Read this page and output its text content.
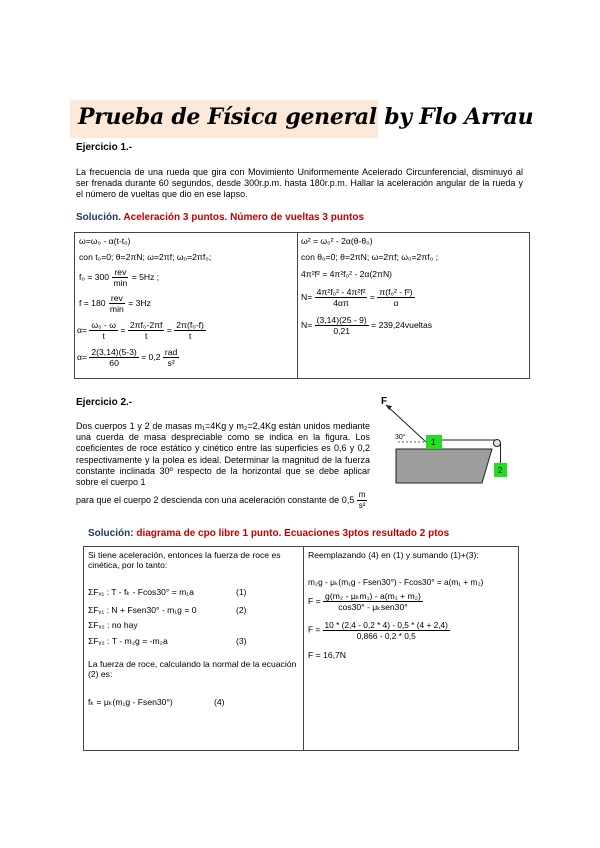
Prueba de Física general by Flo Arrau
Ejercicio 1.-
La frecuencia de una rueda que gira con Movimiento Uniformemente Acelerado Circunferencial, disminuyó al ser frenada durante 60 segundos, desde 300r.p.m. hasta 180r.p.m. Hallar la aceleración angular de la rueda y el número de vueltas que dio en ese lapso.
Solución. Aceleración 3 puntos. Número de vueltas 3 puntos
ω=ω₀ - α(t-t₀)
con t₀=0; θ=2πN; ω=2πf; ω₀=2πf₀;
$f_0 = 300 \frac{\text{rev}}{\min} = 5Hz$ ;
$f = 180 \frac{\text{rev}}{\min} = 3Hz$
$\alpha= \frac{\text{ω₀ - ω}}{t} = \frac{\text{2πf₀-2πf}}{t} = \frac{\text{2π(f₀-f)}}{t}$
$\alpha= \frac{2(3,14)(5-3)}{60} = 0,2 \frac{\text{rad}}{\text{s²}}$
ω² = ω₀² - 2α(θ-θ₀)
con θ₀=0; θ=2πN; ω=2πf; ω₀=2πf₀ ;
4π²f² = 4π²f₀² - 2α(2πN)
$N= \frac{\text{4π²f₀² - 4π²f²}}{4\alpha\pi} = \frac{\text{π(f₀² - f²)}}{\alpha}$
$N= \frac{(3,14)(25 - 9)}{0,21}$ = 239,24vueltas
Ejercicio 2.-
Dos cuerpos 1 y 2 de masas m₁=4Kg y m₂=2,4Kg están unidos mediante una cuerda de masa despreciable como se indica en la figura. Los coeficientes de roce estático y cinético entre las superficies es 0,6 y 0,2 respectivamente y la polea es ideal. Determinar la magnitud de la fuerza constante inclinada 30º respecto de la horizontal que se debe aplicar sobre el cuerpo 1
para que el cuerpo 2 descienda con una aceleración constante de $0,5 \frac{m}{\text{s²}}$
F
30°
1
2
Solución: diagrama de cpo libre 1 punto. Ecuaciones 3ptos resultado 2 ptos
Si tiene aceleración, entonces la fuerza de roce es cinética, por lo tanto:
ΣFₓ₁ : T - fₖ - Fcos30° = m₁a	(1)
ΣFᵧ₁ : N + Fsen30° - m₁g = 0	(2)
ΣFₓ₂ : no hay
ΣFᵧ₂ : T - m₂g = -m₂a	(3)
La fuerza de roce, calculando la normal de la ecuación (2) es:
fₖ = μₖ(m₁g - Fsen30°)	(4)
Reemplazando (4) en (1) y sumando (1)+(3):
m₂g - μₖ(m₁g - Fsen30°) - Fcos30° = a(m₁ + m₂)
$F = \frac{\text{g(m₂ - μₖm₁) - a(m₁ + m₂)}}{\text{cos30° - μₖsen30°}}$
$F = \frac{10 * (2,4 - 0,2 * 4) - 0,5 * (4 + 2,4)}{0,866 - 0,2 * 0,5}$
F = 16,7N
